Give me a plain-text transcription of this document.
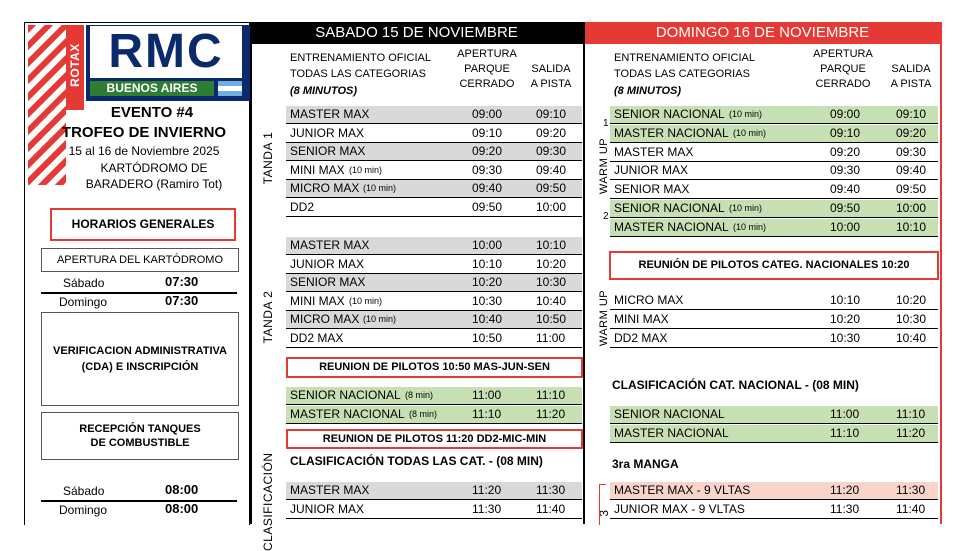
ROTAX RMC
BUENOS AIRES
EVENTO #4
TROFEO DE INVIERNO
15 al 16 de Noviembre 2025
KARTÓDROMO DE
BARADERO (Ramiro Tot)
HORARIOS GENERALES
APERTURA DEL KARTÓDROMO
Sábado	07:30
Domingo	07:30
VERIFICACION ADMINISTRATIVA
(CDA) E INSCRIPCIÓN
RECEPCIÓN TANQUES
DE COMBUSTIBLE
Sábado	08:00
Domingo	08:00
SABADO 15 DE NOVIEMBRE
ENTRENAMIENTO OFICIAL
TODAS LAS CATEGORIAS
(8 MINUTOS)
APERTURA
PARQUE
CERRADO
SALIDA
A PISTA
TANDA 1
TANDA 2
CLASIFICACIÓN
MASTER MAX	09:00	09:10
JUNIOR MAX	09:10	09:20
SENIOR MAX	09:20	09:30
MINI MAX (10 min)	09:30	09:40
MICRO MAX (10 min)	09:40	09:50
DD2	09:50	10:00
MASTER MAX	10:00	10:10
JUNIOR MAX	10:10	10:20
SENIOR MAX	10:20	10:30
MINI MAX (10 min)	10:30	10:40
MICRO MAX (10 min)	10:40	10:50
DD2 MAX	10:50	11:00
REUNION DE PILOTOS 10:50 MAS-JUN-SEN
SENIOR NACIONAL (8 min)	11:00	11:10
MASTER NACIONAL (8 min)	11:10	11:20
REUNION DE PILOTOS 11:20 DD2-MIC-MIN
CLASIFICACIÓN TODAS LAS CAT. - (08 MIN)
MASTER MAX	11:20	11:30
JUNIOR MAX	11:30	11:40
DOMINGO 16 DE NOVIEMBRE
ENTRENAMIENTO OFICIAL
TODAS LAS CATEGORIAS
(8 MINUTOS)
APERTURA
PARQUE
CERRADO
SALIDA
A PISTA
1
2
WARM UP
WARM UP
3
SENIOR NACIONAL (10 min)	09:00	09:10
MASTER NACIONAL (10 min)	09:10	09:20
MASTER MAX	09:20	09:30
JUNIOR MAX	09:30	09:40
SENIOR MAX	09:40	09:50
SENIOR NACIONAL (10 min)	09:50	10:00
MASTER NACIONAL (10 min)	10:00	10:10
REUNIÓN DE PILOTOS CATEG. NACIONALES 10:20
MICRO MAX	10:10	10:20
MINI MAX	10:20	10:30
DD2 MAX	10:30	10:40
CLASIFICACIÓN CAT. NACIONAL - (08 MIN)
SENIOR NACIONAL	11:00	11:10
MASTER NACIONAL	11:10	11:20
3ra MANGA
MASTER MAX - 9 VLTAS	11:20	11:30
JUNIOR MAX - 9 VLTAS	11:30	11:40
